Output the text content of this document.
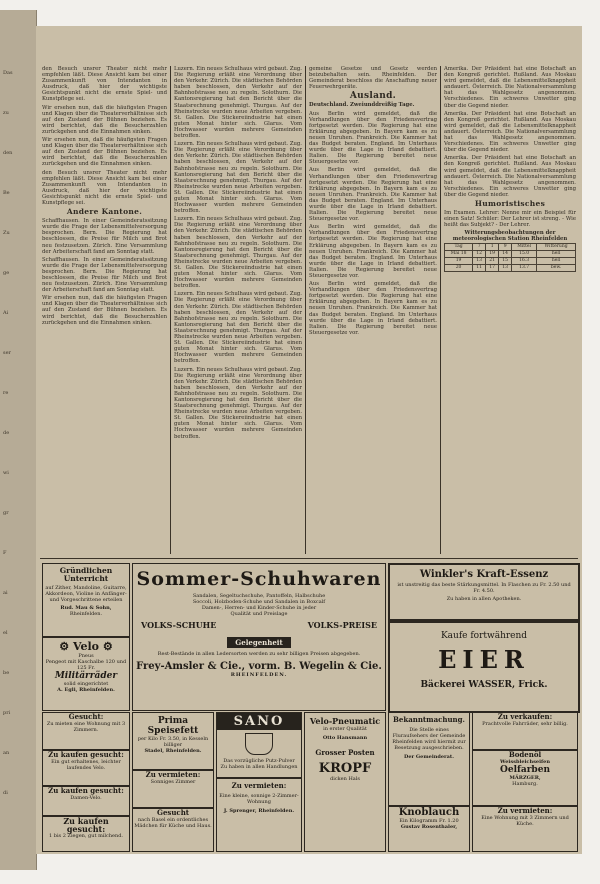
Das
zu
den
Be
Zu
ge
Ai
ser
re
de
wi
gr
F
ai
el
be
pri
an
di

den Besuch unsrer Theater nicht mehr empfehlen läßt. Diese Ansicht kam bei einer Zusammenkunft von Intendanten in Ausdruck, daß hier der wichtigste Gesichtspunkt nicht die ernste Spiel- und Kunstpflege sei.

Wir ersehen nun, daß die häufigsten Fragen und Klagen über die Theaterverhältnisse sich auf den Zustand der Bühnen beziehen. Es wird berichtet, daß die Besucherzahlen zurückgehen und die Einnahmen sinken.

Wir ersehen nun, daß die häufigsten Fragen und Klagen über die Theaterverhältnisse sich auf den Zustand der Bühnen beziehen. Es wird berichtet, daß die Besucherzahlen zurückgehen und die Einnahmen sinken.

den Besuch unsrer Theater nicht mehr empfehlen läßt. Diese Ansicht kam bei einer Zusammenkunft von Intendanten in Ausdruck, daß hier der wichtigste Gesichtspunkt nicht die ernste Spiel- und Kunstpflege sei.

Andere Kantone.

Schaffhausen. In einer Gemeinderatssitzung wurde die Frage der Lebensmittelversorgung besprochen. Bern. Die Regierung hat beschlossen, die Preise für Milch und Brot neu festzusetzen. Zürich. Eine Versammlung der Arbeiterschaft fand am Sonntag statt.

Schaffhausen. In einer Gemeinderatssitzung wurde die Frage der Lebensmittelversorgung besprochen. Bern. Die Regierung hat beschlossen, die Preise für Milch und Brot neu festzusetzen. Zürich. Eine Versammlung der Arbeiterschaft fand am Sonntag statt.

Wir ersehen nun, daß die häufigsten Fragen und Klagen über die Theaterverhältnisse sich auf den Zustand der Bühnen beziehen. Es wird berichtet, daß die Besucherzahlen zurückgehen und die Einnahmen sinken.

Luzern. Ein neues Schulhaus wird gebaut. Zug. Die Regierung erläßt eine Verordnung über den Verkehr. Zürich. Die städtischen Behörden haben beschlossen, den Verkehr auf der Bahnhofstrasse neu zu regeln. Solothurn. Die Kantonsregierung hat den Bericht über die Staatsrechnung genehmigt. Thurgau. Auf der Rheinstrecke wurden neue Arbeiten vergeben. St. Gallen. Die Stickereiindustrie hat einen guten Monat hinter sich. Glarus. Vom Hochwasser wurden mehrere Gemeinden betroffen.

Luzern. Ein neues Schulhaus wird gebaut. Zug. Die Regierung erläßt eine Verordnung über den Verkehr. Zürich. Die städtischen Behörden haben beschlossen, den Verkehr auf der Bahnhofstrasse neu zu regeln. Solothurn. Die Kantonsregierung hat den Bericht über die Staatsrechnung genehmigt. Thurgau. Auf der Rheinstrecke wurden neue Arbeiten vergeben. St. Gallen. Die Stickereiindustrie hat einen guten Monat hinter sich. Glarus. Vom Hochwasser wurden mehrere Gemeinden betroffen.

Luzern. Ein neues Schulhaus wird gebaut. Zug. Die Regierung erläßt eine Verordnung über den Verkehr. Zürich. Die städtischen Behörden haben beschlossen, den Verkehr auf der Bahnhofstrasse neu zu regeln. Solothurn. Die Kantonsregierung hat den Bericht über die Staatsrechnung genehmigt. Thurgau. Auf der Rheinstrecke wurden neue Arbeiten vergeben. St. Gallen. Die Stickereiindustrie hat einen guten Monat hinter sich. Glarus. Vom Hochwasser wurden mehrere Gemeinden betroffen.

Luzern. Ein neues Schulhaus wird gebaut. Zug. Die Regierung erläßt eine Verordnung über den Verkehr. Zürich. Die städtischen Behörden haben beschlossen, den Verkehr auf der Bahnhofstrasse neu zu regeln. Solothurn. Die Kantonsregierung hat den Bericht über die Staatsrechnung genehmigt. Thurgau. Auf der Rheinstrecke wurden neue Arbeiten vergeben. St. Gallen. Die Stickereiindustrie hat einen guten Monat hinter sich. Glarus. Vom Hochwasser wurden mehrere Gemeinden betroffen.

Luzern. Ein neues Schulhaus wird gebaut. Zug. Die Regierung erläßt eine Verordnung über den Verkehr. Zürich. Die städtischen Behörden haben beschlossen, den Verkehr auf der Bahnhofstrasse neu zu regeln. Solothurn. Die Kantonsregierung hat den Bericht über die Staatsrechnung genehmigt. Thurgau. Auf der Rheinstrecke wurden neue Arbeiten vergeben. St. Gallen. Die Stickereiindustrie hat einen guten Monat hinter sich. Glarus. Vom Hochwasser wurden mehrere Gemeinden betroffen.

gemeine Gesetze und Gesetz werden beizubehalten sein. Rheinfelden. Der Gemeinderat beschloss die Anschaffung neuer Feuerwehrgeräte.

Ausland.

Deutschland. Zweiunddreißig Tage.

Aus Berlin wird gemeldet, daß die Verhandlungen über den Friedensvertrag fortgesetzt werden. Die Regierung hat eine Erklärung abgegeben. In Bayern kam es zu neuen Unruhen. Frankreich. Die Kammer hat das Budget beraten. England. Im Unterhaus wurde über die Lage in Irland debattiert. Italien. Die Regierung bereitet neue Steuergesetze vor.

Aus Berlin wird gemeldet, daß die Verhandlungen über den Friedensvertrag fortgesetzt werden. Die Regierung hat eine Erklärung abgegeben. In Bayern kam es zu neuen Unruhen. Frankreich. Die Kammer hat das Budget beraten. England. Im Unterhaus wurde über die Lage in Irland debattiert. Italien. Die Regierung bereitet neue Steuergesetze vor.

Aus Berlin wird gemeldet, daß die Verhandlungen über den Friedensvertrag fortgesetzt werden. Die Regierung hat eine Erklärung abgegeben. In Bayern kam es zu neuen Unruhen. Frankreich. Die Kammer hat das Budget beraten. England. Im Unterhaus wurde über die Lage in Irland debattiert. Italien. Die Regierung bereitet neue Steuergesetze vor.

Aus Berlin wird gemeldet, daß die Verhandlungen über den Friedensvertrag fortgesetzt werden. Die Regierung hat eine Erklärung abgegeben. In Bayern kam es zu neuen Unruhen. Frankreich. Die Kammer hat das Budget beraten. England. Im Unterhaus wurde über die Lage in Irland debattiert. Italien. Die Regierung bereitet neue Steuergesetze vor.

Amerika. Der Präsident hat eine Botschaft an den Kongreß gerichtet. Rußland. Aus Moskau wird gemeldet, daß die Lebensmittelknappheit andauert. Österreich. Die Nationalversammlung hat das Wahlgesetz angenommen. Verschiedenes. Ein schweres Unwetter ging über die Gegend nieder.

Amerika. Der Präsident hat eine Botschaft an den Kongreß gerichtet. Rußland. Aus Moskau wird gemeldet, daß die Lebensmittelknappheit andauert. Österreich. Die Nationalversammlung hat das Wahlgesetz angenommen. Verschiedenes. Ein schweres Unwetter ging über die Gegend nieder.

Amerika. Der Präsident hat eine Botschaft an den Kongreß gerichtet. Rußland. Aus Moskau wird gemeldet, daß die Lebensmittelknappheit andauert. Österreich. Die Nationalversammlung hat das Wahlgesetz angenommen. Verschiedenes. Ein schweres Unwetter ging über die Gegend nieder.

Humoristisches

Im Examen. Lehrer: Nenne mir ein Beispiel für einen Satz! Schüler: Der Lehrer ist streng. - Wie heißt das Subjekt? - Der Lehrer.

Witterungsbeobachtungen der meteorologischen Station Rheinfelden
Tag	7	1	9	Mittel	Witterung
Mai 18	12	19	14	15.0	hell
19	13	21	15	16.3	hell
20	11	17	13	13.7	bew.
Gründlichen Unterricht
auf Zither, Mandoline, Guitarre, Akkordeon, Violine in Anfänger- und Vorgeschrittene erteilen
Rud. Mau & Sohn,
Rheinfelden.
⚙ Velo ⚙
Pneus
Pengeot mit Kaschalbe 120 und 125 Fr.
Militärräder
solid eingerichtet
A. Egli, Rheinfelden.
Sommer-Schuhwaren
Sandalen, Segeltuchschuhe, Pantoffeln, Halbschuhe
Soccoli, Holzboden-Schuhe und Sandalen in Boxcalf
Damen-, Herren- und Kinder-Schuhe in jeder
Qualität und Preislage
VOLKS-SCHUHE	VOLKS-PREISE
Gelegenheit
Rest-Bestände in allen Ledersorten werden zu sehr billigen Preisen abgegeben.
Frey-Amsler & Cie., vorm. B. Wegelin & Cie.
RHEINFELDEN.
Winkler's Kraft-Essenz
ist unstreitig das beste Stärkungsmittel. In Flaschen zu Fr. 2.50 und Fr. 4.50.
Zu haben in allen Apotheken.
Kaufe fortwährend
EIER
Bäckerei WASSER, Frick.
Gesucht:
Zu mieten eine Wohnung mit 3 Zimmern.
Zu kaufen gesucht:
Ein gut erhaltenes, leichter laufendes Velo.
Zu kaufen gesucht:
Damen-Velo.
Zu kaufen gesucht:
1 bis 2 Ziegen, gut milchend.
Prima Speisefett
per Kilo Fr. 3.50, in Kesseln billiger
Stadel, Rheinfelden.
Zu vermieten:
Sonniges Zimmer
Gesucht
nach Basel ein ordentliches Mädchen für Küche und Haus.
SANO
Das vorzügliche Putz-Pulver
Zu haben in allen Handlungen
Zu vermieten:
Eine kleine, sonnige 2-Zimmer-Wohnung
J. Sprenger, Rheinfelden.
Velo-Pneumatic
in erster Qualität
Otto Hansmann
Grosser Posten
KROPF
dicken Hals
Bekanntmachung.
Die Stelle eines Fluraufsehers der Gemeinde Rheinfelden wird hiermit zur Besetzung ausgeschrieben.
Der Gemeinderat.
Knoblauch
Ein Kilogramm Fr. 1.20
Gustav Rosenthaler,
Zu verkaufen:
Prachtvolle Fahrräder, sehr billig.
Bodenöl
Weissbleichseifen
Oelfarben
MÄRZGER,
Hamburg.
Zu vermieten:
Eine Wohnung mit 3 Zimmern und Küche.
